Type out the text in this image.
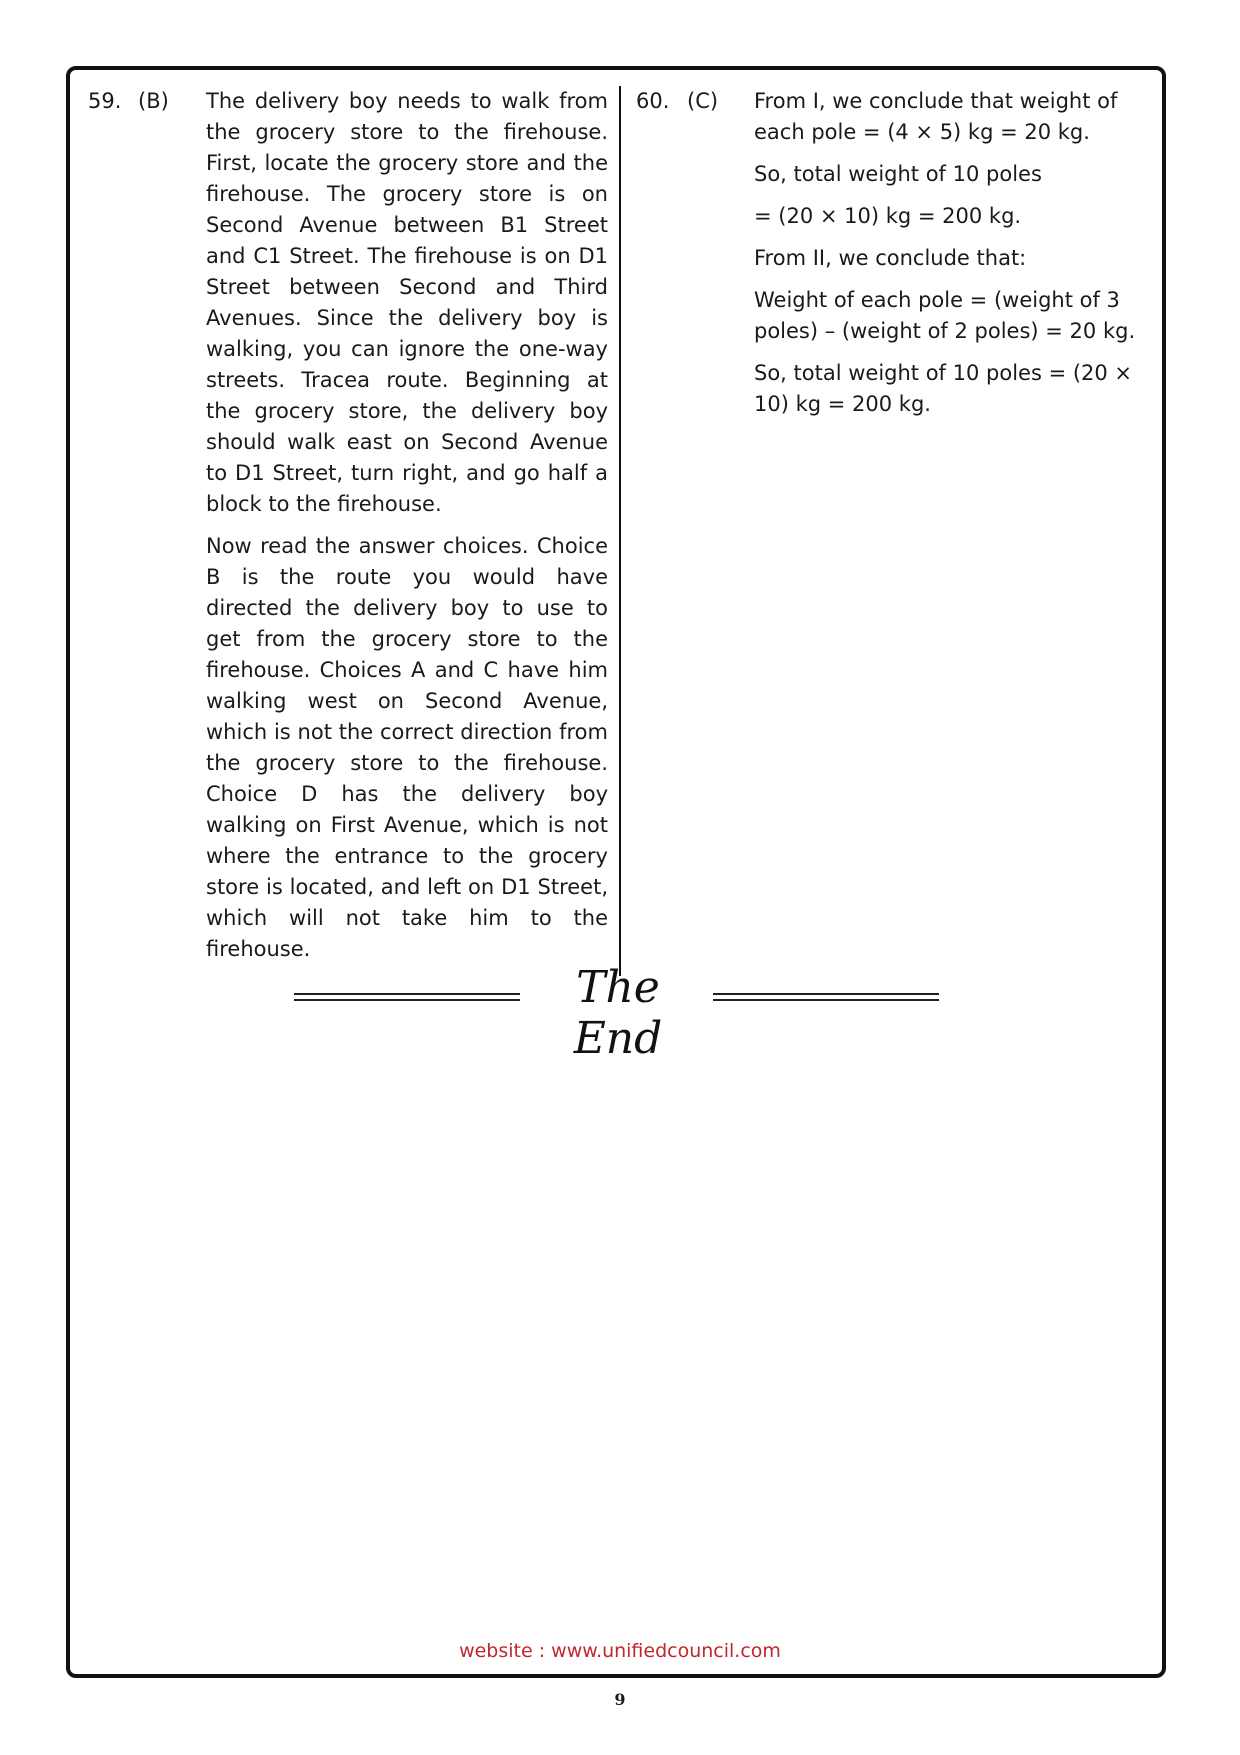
59. (B) The delivery boy needs to walk from the grocery store to the firehouse. First, locate the grocery store and the firehouse. The grocery store is on Second Avenue between B1 Street and C1 Street. The firehouse is on D1 Street between Second and Third Avenues. Since the delivery boy is walking, you can ignore the one-way streets. Tracea route. Beginning at the grocery store, the delivery boy should walk east on Second Avenue to D1 Street, turn right, and go half a block to the firehouse.

Now read the answer choices. Choice B is the route you would have directed the delivery boy to use to get from the grocery store to the firehouse. Choices A and C have him walking west on Second Avenue, which is not the correct direction from the grocery store to the firehouse. Choice D has the delivery boy walking on First Avenue, which is not where the entrance to the grocery store is located, and left on D1 Street, which will not take him to the firehouse.

60. (C) From I, we conclude that weight of each pole = (4 × 5) kg = 20 kg.

So, total weight of 10 poles

= (20 × 10) kg = 200 kg.

From II, we conclude that:

Weight of each pole = (weight of 3 poles) – (weight of 2 poles) = 20 kg.

So, total weight of 10 poles = (20 × 10) kg = 200 kg.

The End
website : www.unifiedcouncil.com
9
